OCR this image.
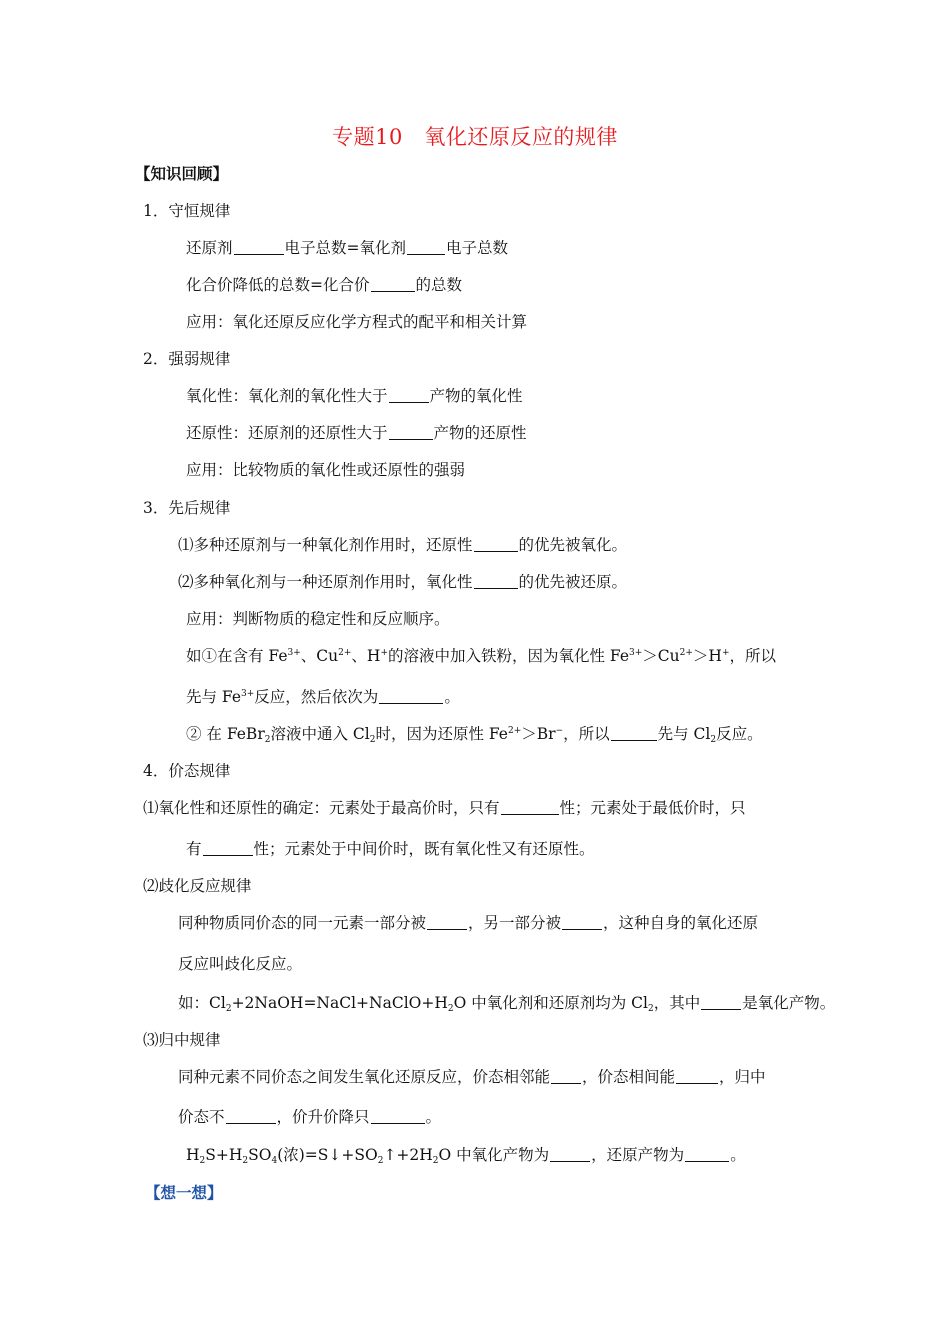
专题10　氧化还原反应的规律
【知识回顾】
1．守恒规律
还原剂	电子总数=氧化剂	电子总数
化合价降低的总数=化合价	的总数
应用：氧化还原反应化学方程式的配平和相关计算
2．强弱规律
氧化性：氧化剂的氧化性大于	产物的氧化性
还原性：还原剂的还原性大于	产物的还原性
应用：比较物质的氧化性或还原性的强弱
3．先后规律
⑴多种还原剂与一种氧化剂作用时，还原性	的优先被氧化。
⑵多种氧化剂与一种还原剂作用时，氧化性	的优先被还原。
应用：判断物质的稳定性和反应顺序。
如①在含有 $Fe^{3+}$、$Cu^{2+}$、H+的溶液中加入铁粉，因为氧化性 $Fe^{3+}>Cu^{2+}>H^+$，所以
先与 $Fe^{3+}$反应，然后依次为	。
② 在 FeBr$_2$溶液中通入 $Cl_2$时，因为还原性 $Fe^{2+}>Br^-$，所以	先与 $Cl_2$反应。
4．价态规律
⑴氧化性和还原性的确定：元素处于最高价时，只有	性；元素处于最低价时，只
有	性；元素处于中间价时，既有氧化性又有还原性。
⑵歧化反应规律
同种物质同价态的同一元素一部分被	，另一部分被	，这种自身的氧化还原
反应叫歧化反应。
如：$Cl_2+2NaOH=NaCl+NaClO+H_2O$ 中氧化剂和还原剂均为 $Cl_2$，其中	是氧化产物。
⑶归中规律
同种元素不同价态之间发生氧化还原反应，价态相邻能 ，价态相间能	，归中
价态不	，价升价降只	。
$H_2S+H_2SO_4$(浓)$=S↓+SO_2↑+2H_2O$ 中氧化产物为	，还原产物为	。
【想一想】
